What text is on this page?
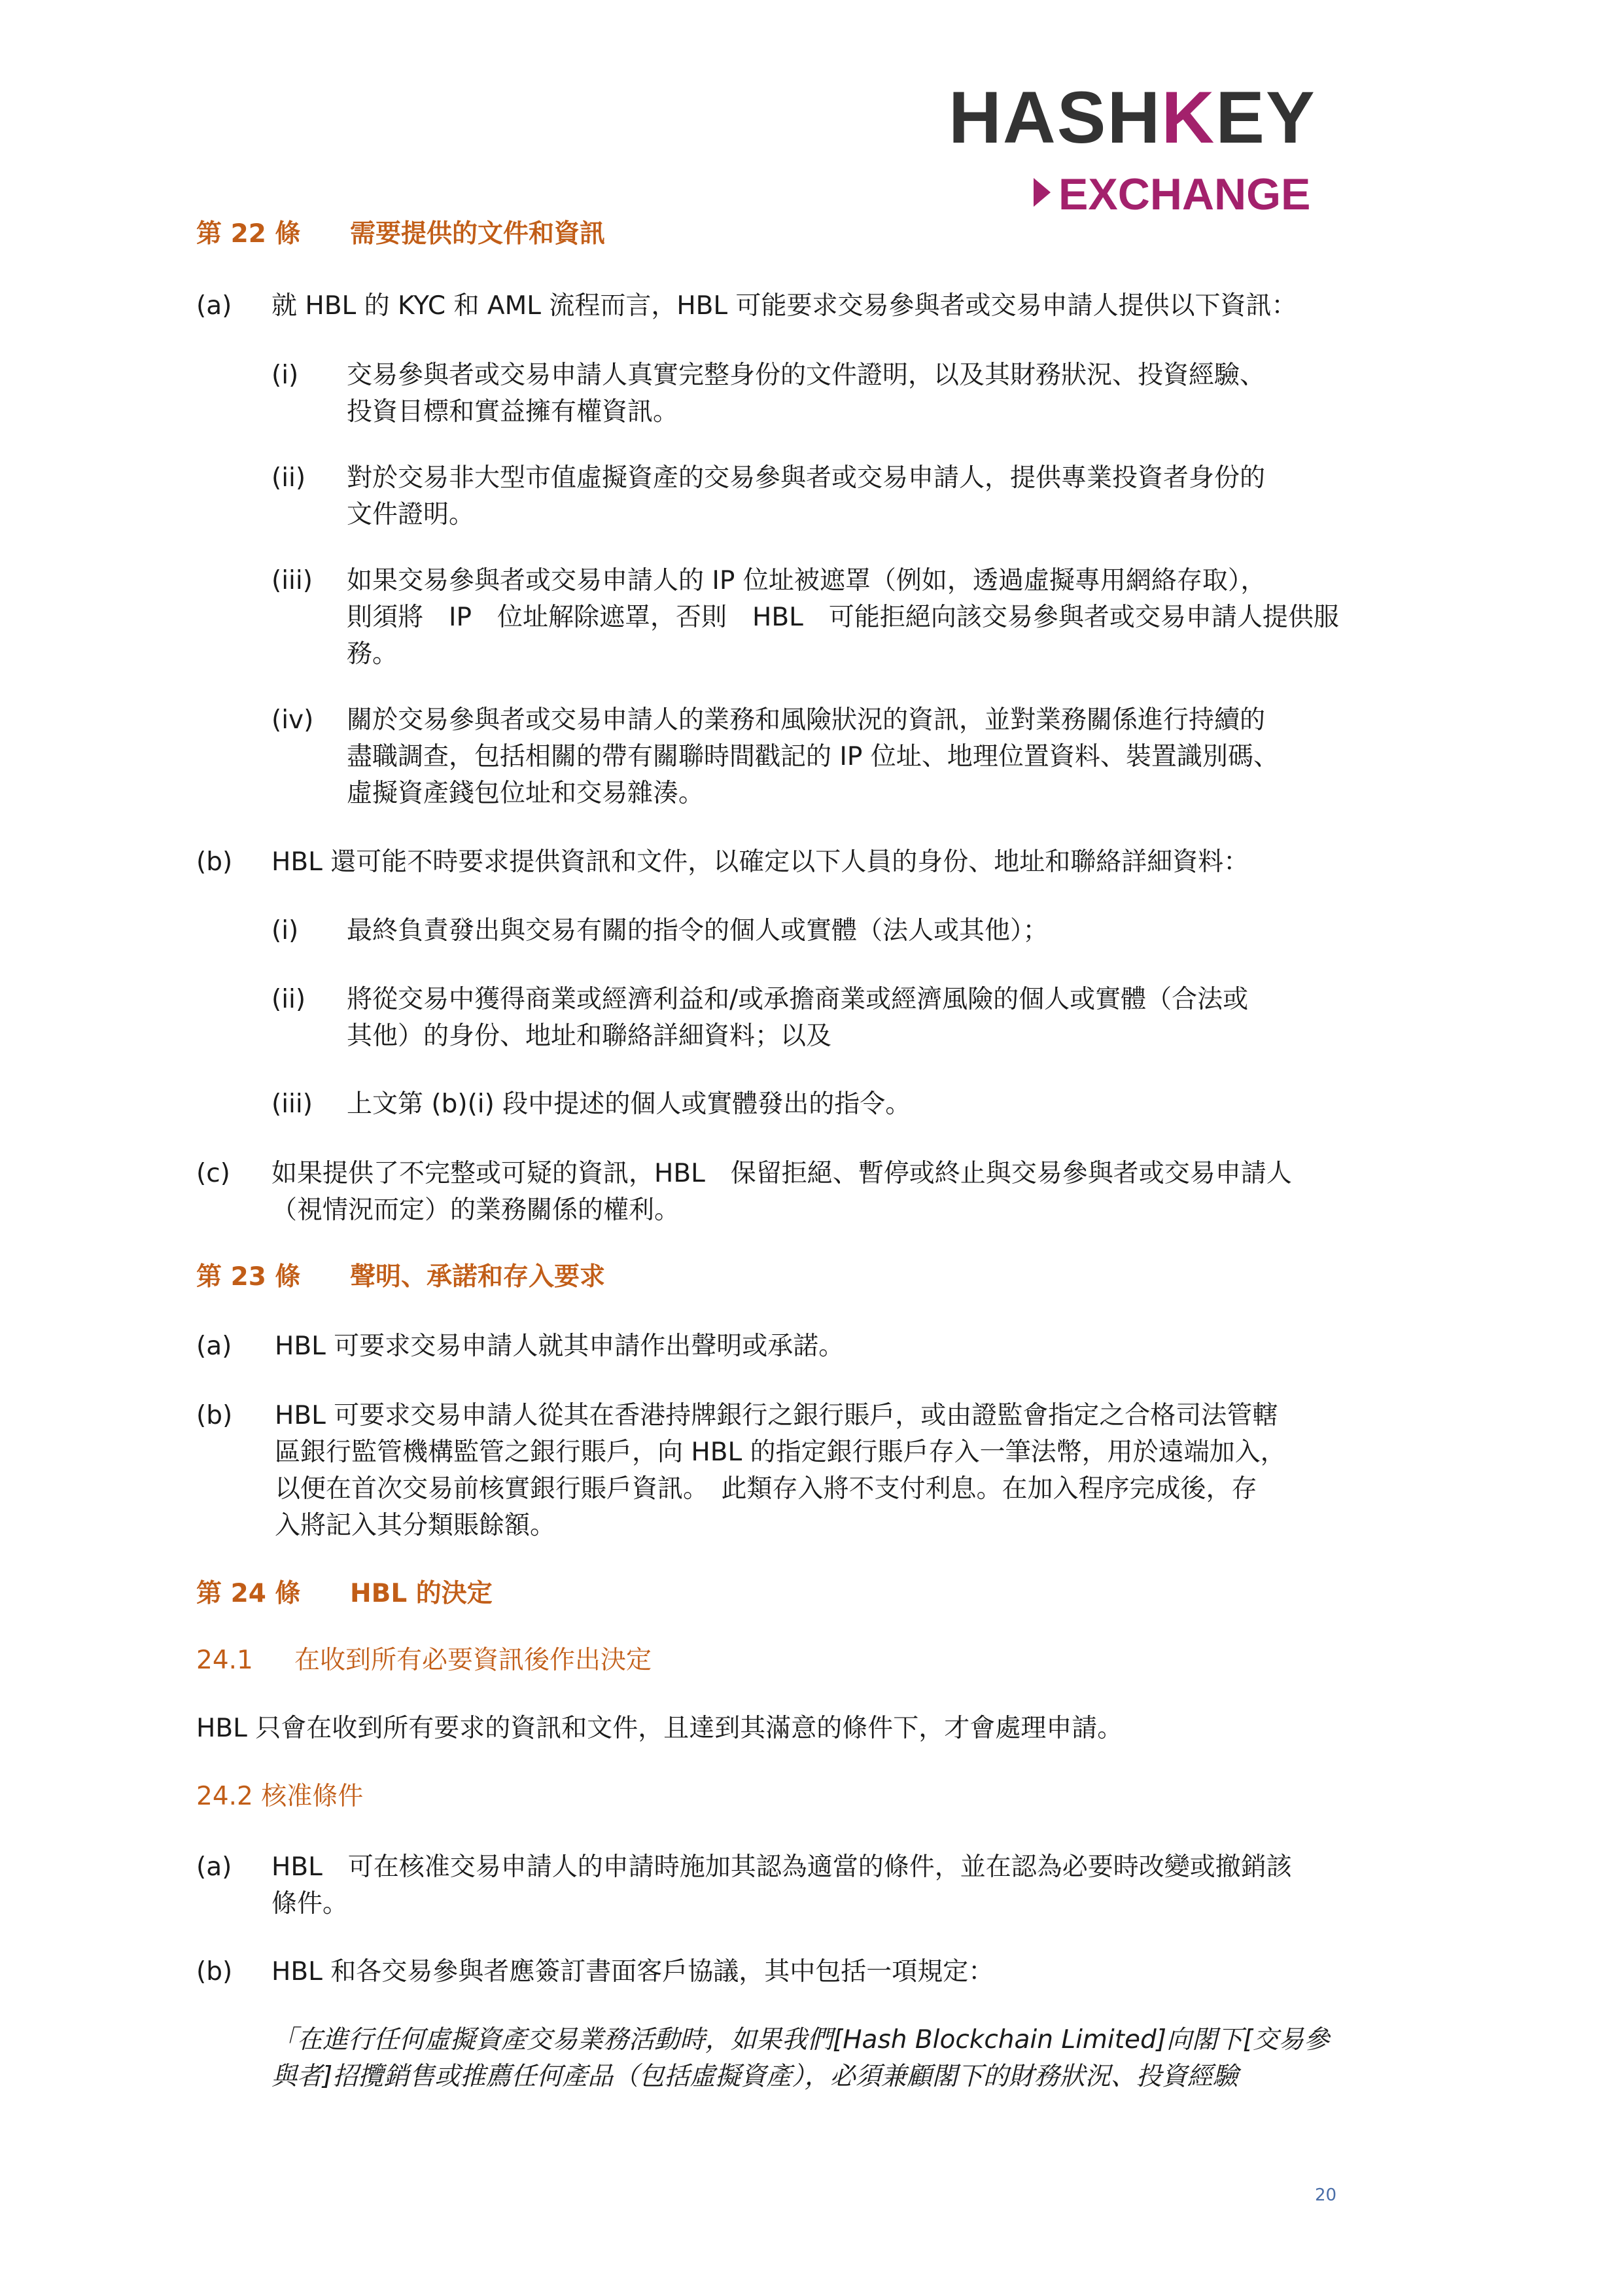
HASHKEY
EXCHANGE
第 22 條 需要提供的文件和資訊
(a) 就 HBL 的 KYC 和 AML 流程而言，HBL 可能要求交易參與者或交易申請人提供以下資訊：
(i) 交易參與者或交易申請人真實完整身份的文件證明，以及其財務狀況、投資經驗、
投資目標和實益擁有權資訊。
(ii) 對於交易非大型市值虛擬資產的交易參與者或交易申請人，提供專業投資者身份的
文件證明。
(iii) 如果交易參與者或交易申請人的 IP 位址被遮罩（例如，透過虛擬專用網絡存取），
則須將　IP　位址解除遮罩，否則　HBL　可能拒絕向該交易參與者或交易申請人提供服
務。
(iv) 關於交易參與者或交易申請人的業務和風險狀況的資訊，並對業務關係進行持續的
盡職調查，包括相關的帶有關聯時間戳記的 IP 位址、地理位置資料、裝置識別碼、
虛擬資產錢包位址和交易雜湊。
(b) HBL 還可能不時要求提供資訊和文件，以確定以下人員的身份、地址和聯絡詳細資料：
(i) 最終負責發出與交易有關的指令的個人或實體（法人或其他）；
(ii) 將從交易中獲得商業或經濟利益和/或承擔商業或經濟風險的個人或實體（合法或
其他）的身份、地址和聯絡詳細資料；以及
(iii) 上文第 (b)(i) 段中提述的個人或實體發出的指令。
(c) 如果提供了不完整或可疑的資訊，HBL　保留拒絕、暫停或終止與交易參與者或交易申請人
（視情況而定）的業務關係的權利。
第 23 條 聲明、承諾和存入要求
(a) HBL 可要求交易申請人就其申請作出聲明或承諾。
(b) HBL 可要求交易申請人從其在香港持牌銀行之銀行賬戶，或由證監會指定之合格司法管轄
區銀行監管機構監管之銀行賬戶，向 HBL 的指定銀行賬戶存入一筆法幣，用於遠端加入，
以便在首次交易前核實銀行賬戶資訊。　此類存入將不支付利息。在加入程序完成後，存
入將記入其分類賬餘額。
第 24 條 HBL 的決定
24.1 在收到所有必要資訊後作出決定
HBL 只會在收到所有要求的資訊和文件，且達到其滿意的條件下，才會處理申請。
24.2 核准條件
(a) HBL　可在核准交易申請人的申請時施加其認為適當的條件，並在認為必要時改變或撤銷該
條件。
(b) HBL 和各交易參與者應簽訂書面客戶協議，其中包括一項規定：
「在進行任何虛擬資產交易業務活動時，如果我們[Hash Blockchain Limited]向閣下[交易參
與者]招攬銷售或推薦任何產品（包括虛擬資產），必須兼顧閣下的財務狀況、投資經驗
20
